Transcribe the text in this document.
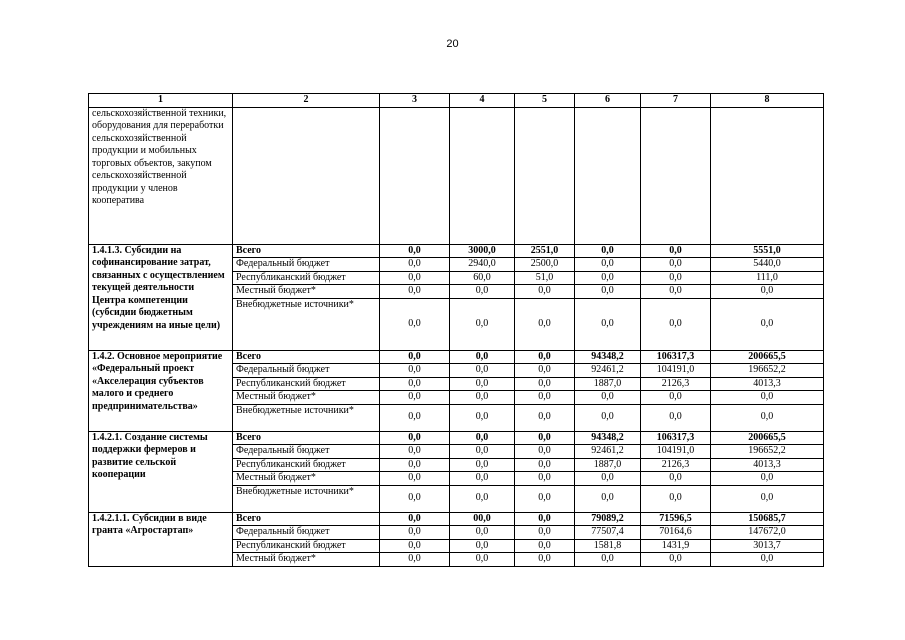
20
1	2	3	4	5	6	7	8
сельскохозяйственной техники, оборудования для переработки сельскохозяйственной продукции и мобильных торговых объектов, закупом сельскохозяйственной продукции у членов кооператива							
1.4.1.3. Субсидии на софинансирование затрат, связанных с осуществлением текущей деятельности Центра компетенции (субсидии бюджетным учреждениям на иные цели)	Всего	0,0	3000,0	2551,0	0,0	0,0	5551,0
	Федеральный бюджет	0,0	2940,0	2500,0	0,0	0,0	5440,0
	Республиканский бюджет	0,0	60,0	51,0	0,0	0,0	111,0
	Местный бюджет*	0,0	0,0	0,0	0,0	0,0	0,0
	Внебюджетные источники*	0,0	0,0	0,0	0,0	0,0	0,0
1.4.2. Основное мероприятие «Федеральный проект «Акселерация субъектов малого и среднего предпринимательства»	Всего	0,0	0,0	0,0	94348,2	106317,3	200665,5
	Федеральный бюджет	0,0	0,0	0,0	92461,2	104191,0	196652,2
	Республиканский бюджет	0,0	0,0	0,0	1887,0	2126,3	4013,3
	Местный бюджет*	0,0	0,0	0,0	0,0	0,0	0,0
	Внебюджетные источники*	0,0	0,0	0,0	0,0	0,0	0,0
1.4.2.1. Создание системы поддержки фермеров и развитие сельской кооперации	Всего	0,0	0,0	0,0	94348,2	106317,3	200665,5
	Федеральный бюджет	0,0	0,0	0,0	92461,2	104191,0	196652,2
	Республиканский бюджет	0,0	0,0	0,0	1887,0	2126,3	4013,3
	Местный бюджет*	0,0	0,0	0,0	0,0	0,0	0,0
	Внебюджетные источники*	0,0	0,0	0,0	0,0	0,0	0,0
1.4.2.1.1. Субсидии в виде гранта «Агростартап»	Всего	0,0	00,0	0,0	79089,2	71596,5	150685,7
	Федеральный бюджет	0,0	0,0	0,0	77507,4	70164,6	147672,0
	Республиканский бюджет	0,0	0,0	0,0	1581,8	1431,9	3013,7
	Местный бюджет*	0,0	0,0	0,0	0,0	0,0	0,0
